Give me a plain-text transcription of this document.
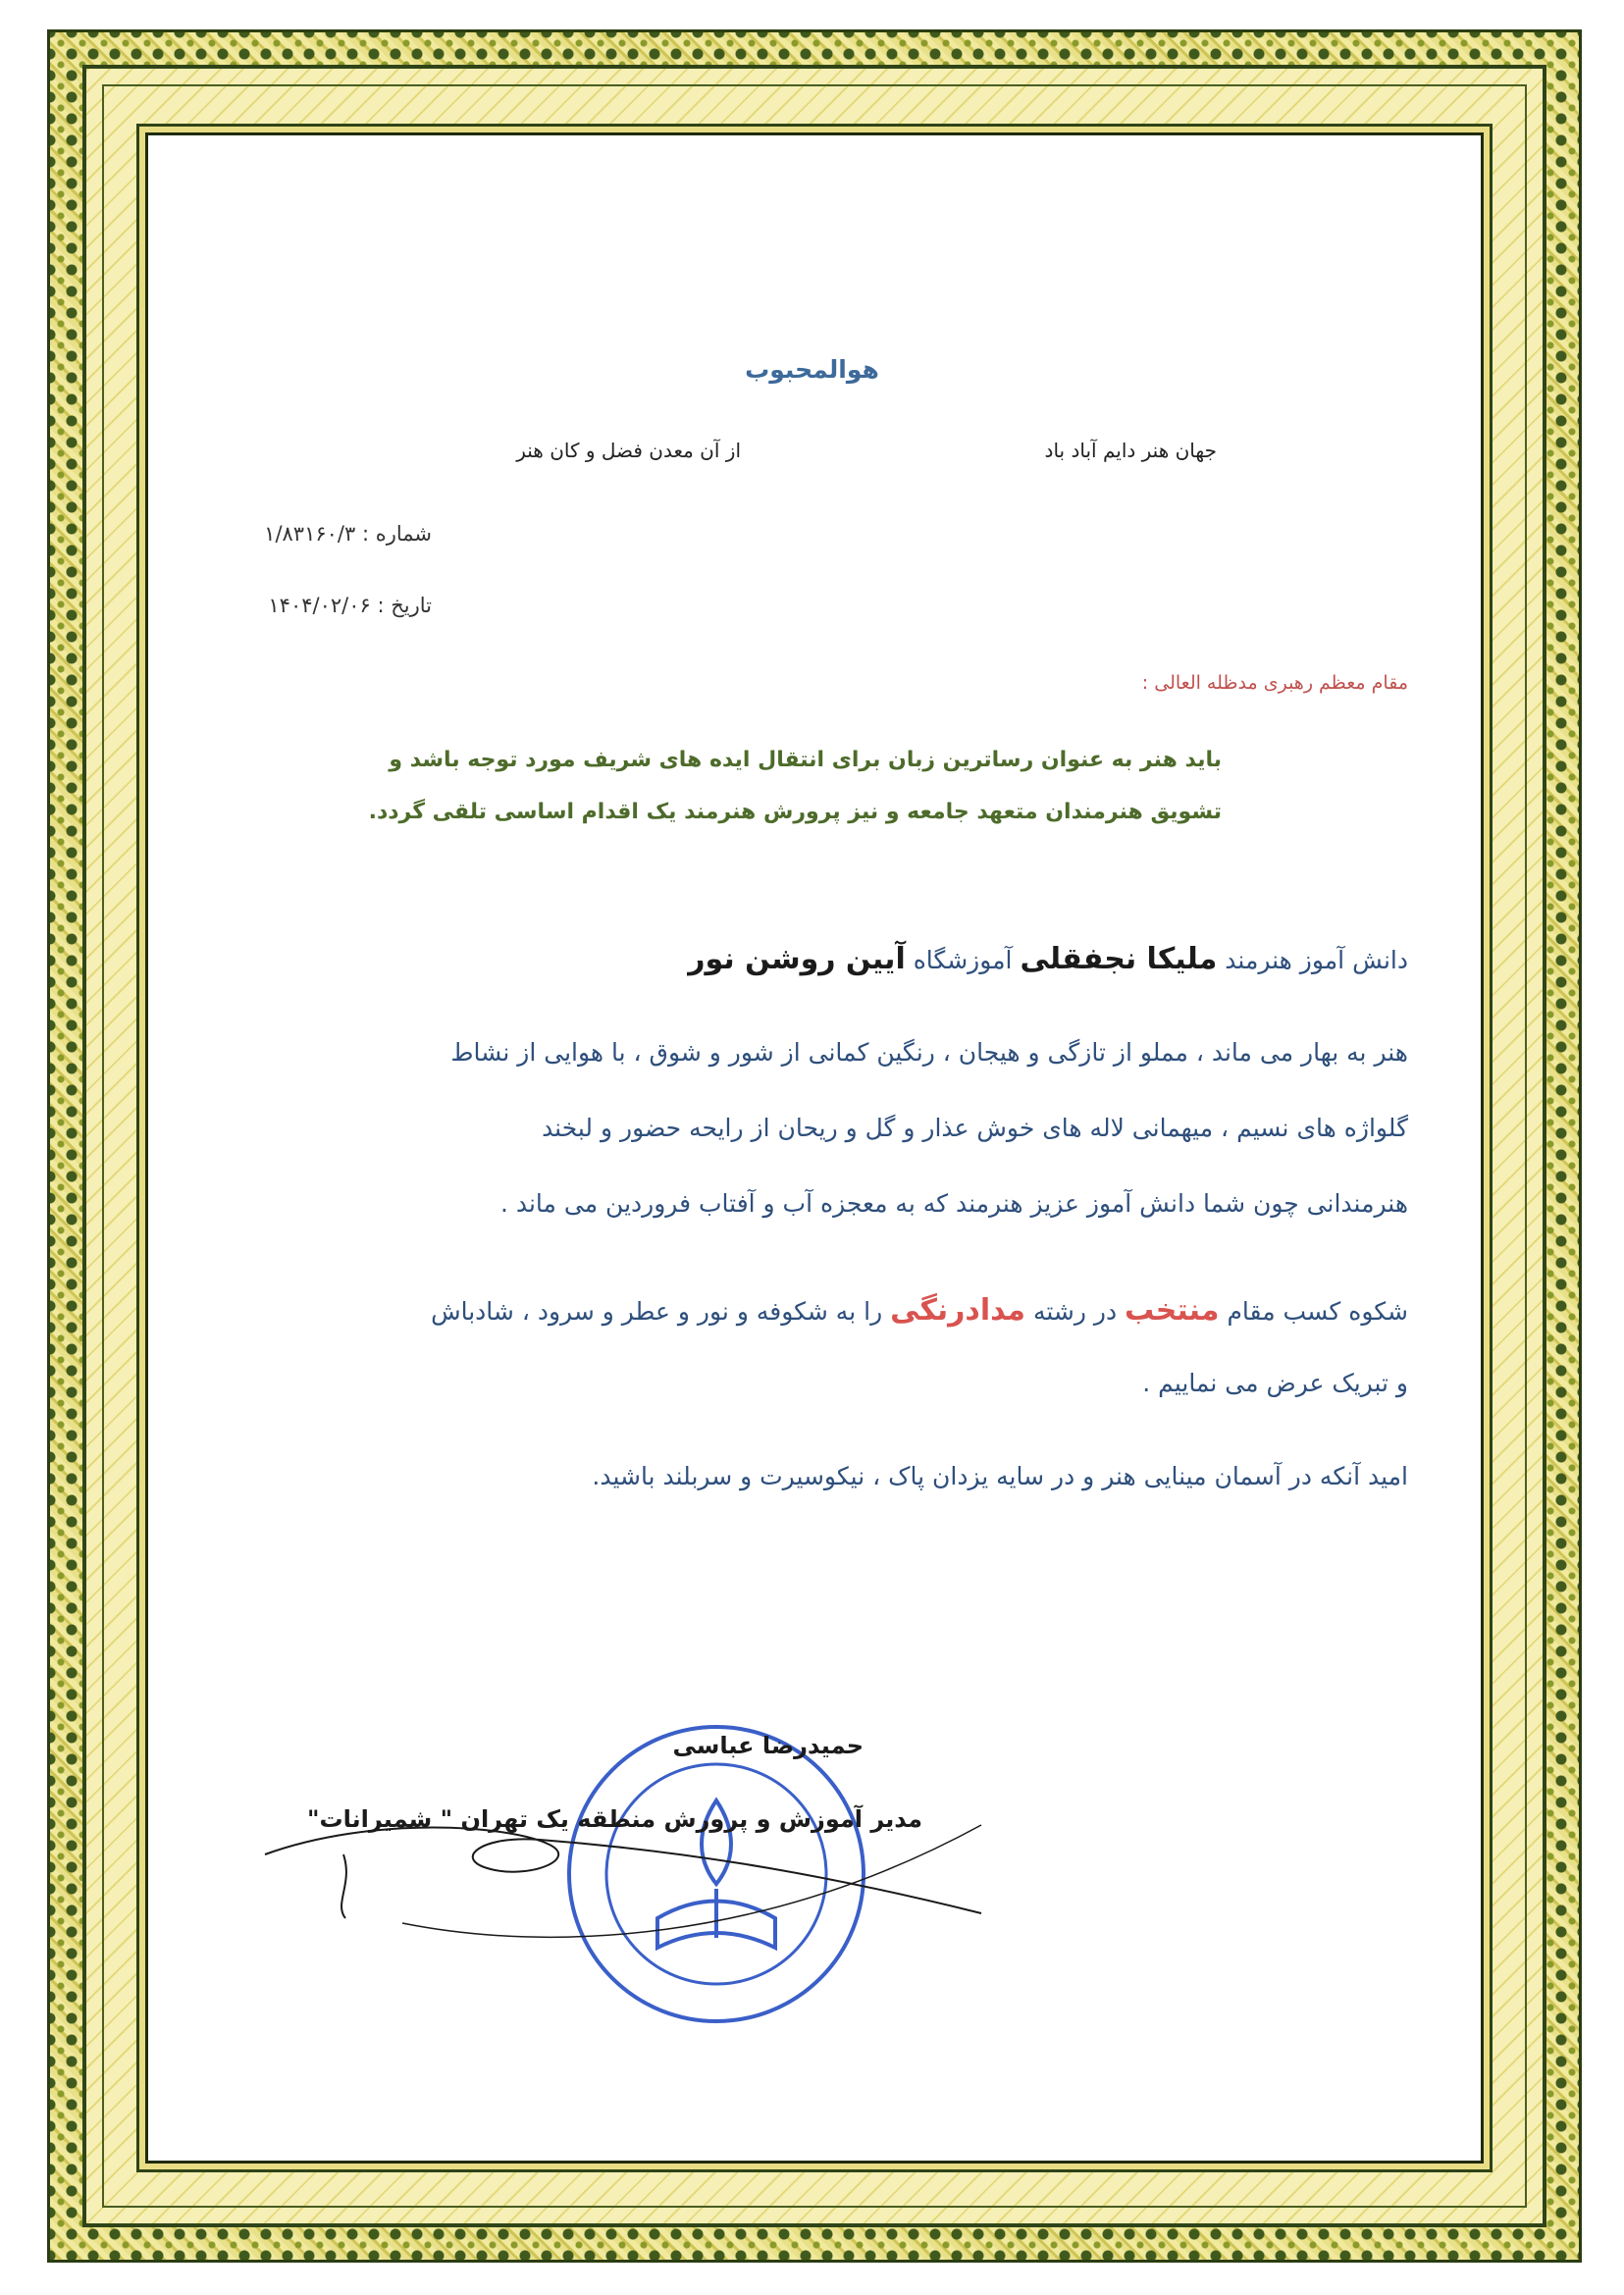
هوالمحبوب
جهان هنر دایم آباد باد
از آن معدن فضل و کان هنر
شماره : ۱/۸۳۱۶۰/۳
تاریخ : ۱۴۰۴/۰۲/۰۶
مقام معظم رهبری مدظله العالی :
باید هنر به عنوان رساترین زبان برای انتقال ایده های شریف مورد توجه باشد و
تشویق هنرمندان متعهد جامعه و نیز پرورش هنرمند یک اقدام اساسی تلقی گردد.
دانش آموز هنرمند ملیکا نجفقلی آموزشگاه آیین روشن نور
هنر به بهار می ماند ، مملو از تازگی و هیجان ، رنگین کمانی از شور و شوق ، با هوایی از نشاط
گلواژه های نسیم ، میهمانی لاله های خوش عذار و گل و ریحان از رایحه حضور و لبخند
هنرمندانی چون شما دانش آموز عزیز هنرمند که به معجزه آب و آفتاب فروردین می ماند .
شکوه کسب مقام منتخب در رشته مدادرنگی را به شکوفه و نور و عطر و سرود ، شادباش
و تبریک عرض می نماییم .
امید آنکه در آسمان مینایی هنر و در سایه یزدان پاک ، نیکوسیرت و سربلند باشید.
حمیدرضا عباسی
مدیر آموزش و پرورش منطقه یک تهران " شمیرانات"
